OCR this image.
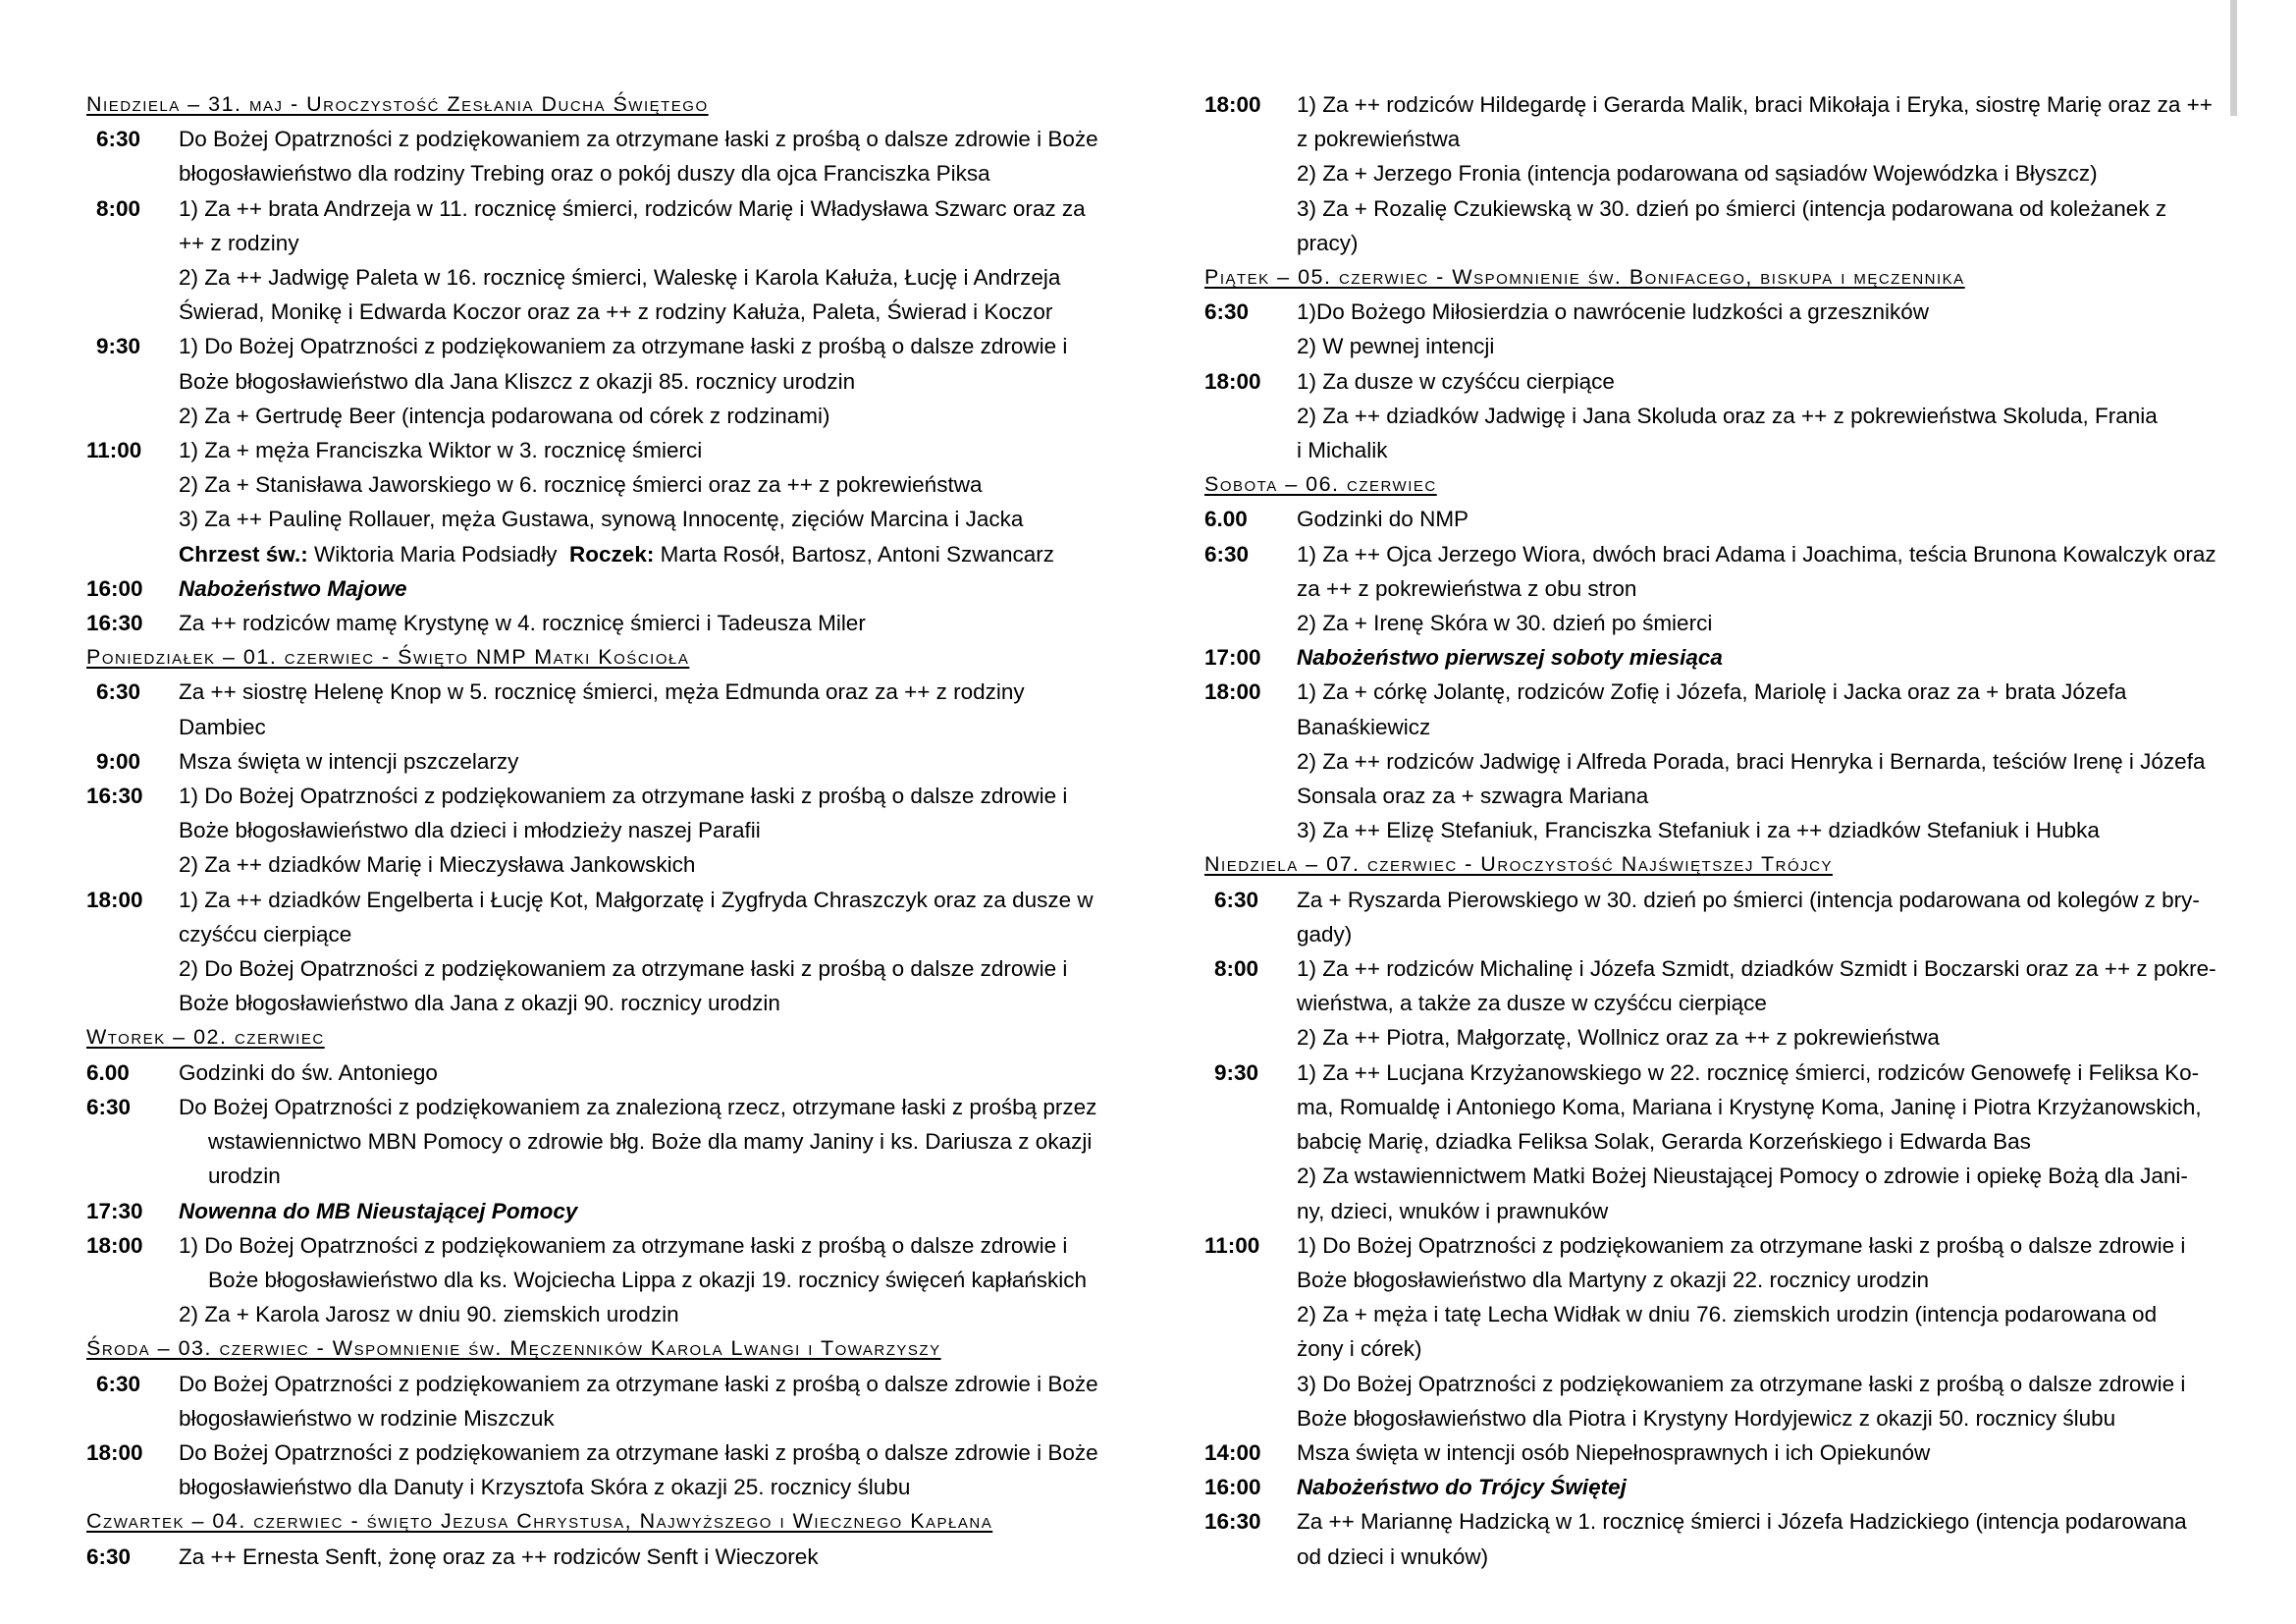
Niedziela – 31. maj - Uroczystość Zesłania Ducha Świętego
6:30	Do Bożej Opatrzności z podziękowaniem za otrzymane łaski z prośbą o dalsze zdrowie i Boże
błogosławieństwo dla rodziny Trebing oraz o pokój duszy dla ojca Franciszka Piksa
8:00	1) Za ++ brata Andrzeja w 11. rocznicę śmierci, rodziców Marię i Władysława Szwarc oraz za
++ z rodziny
2) Za ++ Jadwigę Paleta w 16. rocznicę śmierci, Waleskę i Karola Kałuża, Łucję i Andrzeja
Świerad, Monikę i Edwarda Koczor oraz za ++ z rodziny Kałuża, Paleta, Świerad i Koczor
9:30	1) Do Bożej Opatrzności z podziękowaniem za otrzymane łaski z prośbą o dalsze zdrowie i
Boże błogosławieństwo dla Jana Kliszcz z okazji 85. rocznicy urodzin
2) Za + Gertrudę Beer (intencja podarowana od córek z rodzinami)
11:00	1) Za + męża Franciszka Wiktor w 3. rocznicę śmierci
2) Za + Stanisława Jaworskiego w 6. rocznicę śmierci oraz za ++ z pokrewieństwa
3) Za ++ Paulinę Rollauer, męża Gustawa, synową Innocentę, zięciów Marcina i Jacka
Chrzest św.: Wiktoria Maria Podsiadły  Roczek: Marta Rosół, Bartosz, Antoni Szwancarz
16:00	Nabożeństwo Majowe
16:30	Za ++ rodziców mamę Krystynę w 4. rocznicę śmierci i Tadeusza Miler
Poniedziałek – 01. czerwiec - Święto NMP Matki Kościoła
6:30	Za ++ siostrę Helenę Knop w 5. rocznicę śmierci, męża Edmunda oraz za ++ z rodziny
Dambiec
9:00	Msza święta w intencji pszczelarzy
16:30	1) Do Bożej Opatrzności z podziękowaniem za otrzymane łaski z prośbą o dalsze zdrowie i
Boże błogosławieństwo dla dzieci i młodzieży naszej Parafii
2) Za ++ dziadków Marię i Mieczysława Jankowskich
18:00	1) Za ++ dziadków Engelberta i Łucję Kot, Małgorzatę i Zygfryda Chraszczyk oraz za dusze w
czyśćcu cierpiące
2) Do Bożej Opatrzności z podziękowaniem za otrzymane łaski z prośbą o dalsze zdrowie i
Boże błogosławieństwo dla Jana z okazji 90. rocznicy urodzin
Wtorek – 02. czerwiec
6.00	Godzinki do św. Antoniego
6:30	Do Bożej Opatrzności z podziękowaniem za znalezioną rzecz, otrzymane łaski z prośbą przez
wstawiennictwo MBN Pomocy o zdrowie błg. Boże dla mamy Janiny i ks. Dariusza z okazji
urodzin
17:30	Nowenna do MB Nieustającej Pomocy
18:00	1) Do Bożej Opatrzności z podziękowaniem za otrzymane łaski z prośbą o dalsze zdrowie i
Boże błogosławieństwo dla ks. Wojciecha Lippa z okazji 19. rocznicy święceń kapłańskich
2) Za + Karola Jarosz w dniu 90. ziemskich urodzin
Środa – 03. czerwiec - Wspomnienie św. Męczenników Karola Lwangi i Towarzyszy
6:30	Do Bożej Opatrzności z podziękowaniem za otrzymane łaski z prośbą o dalsze zdrowie i Boże
błogosławieństwo w rodzinie Miszczuk
18:00	Do Bożej Opatrzności z podziękowaniem za otrzymane łaski z prośbą o dalsze zdrowie i Boże
błogosławieństwo dla Danuty i Krzysztofa Skóra z okazji 25. rocznicy ślubu
Czwartek – 04. czerwiec - święto Jezusa Chrystusa, Najwyższego i Wiecznego Kapłana
6:30	Za ++ Ernesta Senft, żonę oraz za ++ rodziców Senft i Wieczorek
18:00	1) Za ++ rodziców Hildegardę i Gerarda Malik, braci Mikołaja i Eryka, siostrę Marię oraz za ++
z pokrewieństwa
2) Za + Jerzego Fronia (intencja podarowana od sąsiadów Wojewódzka i Błyszcz)
3) Za + Rozalię Czukiewską w 30. dzień po śmierci (intencja podarowana od koleżanek z
pracy)
Piątek – 05. czerwiec - Wspomnienie św. Bonifacego, biskupa i męczennika
6:30	1)Do Bożego Miłosierdzia o nawrócenie ludzkości a grzeszników
2) W pewnej intencji
18:00	1) Za dusze w czyśćcu cierpiące
2) Za ++ dziadków Jadwigę i Jana Skoluda oraz za ++ z pokrewieństwa Skoluda, Frania
i Michalik
Sobota – 06. czerwiec
6.00	Godzinki do NMP
6:30	1) Za ++ Ojca Jerzego Wiora, dwóch braci Adama i Joachima, teścia Brunona Kowalczyk oraz
za ++ z pokrewieństwa z obu stron
2) Za + Irenę Skóra w 30. dzień po śmierci
17:00	Nabożeństwo pierwszej soboty miesiąca
18:00	1) Za + córkę Jolantę, rodziców Zofię i Józefa, Mariolę i Jacka oraz za + brata Józefa
Banaśkiewicz
2) Za ++ rodziców Jadwigę i Alfreda Porada, braci Henryka i Bernarda, teściów Irenę i Józefa
Sonsala oraz za + szwagra Mariana
3) Za ++ Elizę Stefaniuk, Franciszka Stefaniuk i za ++ dziadków Stefaniuk i Hubka
Niedziela – 07. czerwiec - Uroczystość Najświętszej Trójcy
6:30	Za + Ryszarda Pierowskiego w 30. dzień po śmierci (intencja podarowana od kolegów z bry-
gady)
8:00	1) Za ++ rodziców Michalinę i Józefa Szmidt, dziadków Szmidt i Boczarski oraz za ++ z pokre-
wieństwa, a także za dusze w czyśćcu cierpiące
2) Za ++ Piotra, Małgorzatę, Wollnicz oraz za ++ z pokrewieństwa
9:30	1) Za ++ Lucjana Krzyżanowskiego w 22. rocznicę śmierci, rodziców Genowefę i Feliksa Ko-
ma, Romualdę i Antoniego Koma, Mariana i Krystynę Koma, Janinę i Piotra Krzyżanowskich,
babcię Marię, dziadka Feliksa Solak, Gerarda Korzeńskiego i Edwarda Bas
2) Za wstawiennictwem Matki Bożej Nieustającej Pomocy o zdrowie i opiekę Bożą dla Jani-
ny, dzieci, wnuków i prawnuków
11:00	1) Do Bożej Opatrzności z podziękowaniem za otrzymane łaski z prośbą o dalsze zdrowie i
Boże błogosławieństwo dla Martyny z okazji 22. rocznicy urodzin
2) Za + męża i tatę Lecha Widłak w dniu 76. ziemskich urodzin (intencja podarowana od
żony i córek)
3) Do Bożej Opatrzności z podziękowaniem za otrzymane łaski z prośbą o dalsze zdrowie i
Boże błogosławieństwo dla Piotra i Krystyny Hordyjewicz z okazji 50. rocznicy ślubu
14:00	Msza święta w intencji osób Niepełnosprawnych i ich Opiekunów
16:00	Nabożeństwo do Trójcy Świętej
16:30	Za ++ Mariannę Hadzicką w 1. rocznicę śmierci i Józefa Hadzickiego (intencja podarowana
od dzieci i wnuków)
